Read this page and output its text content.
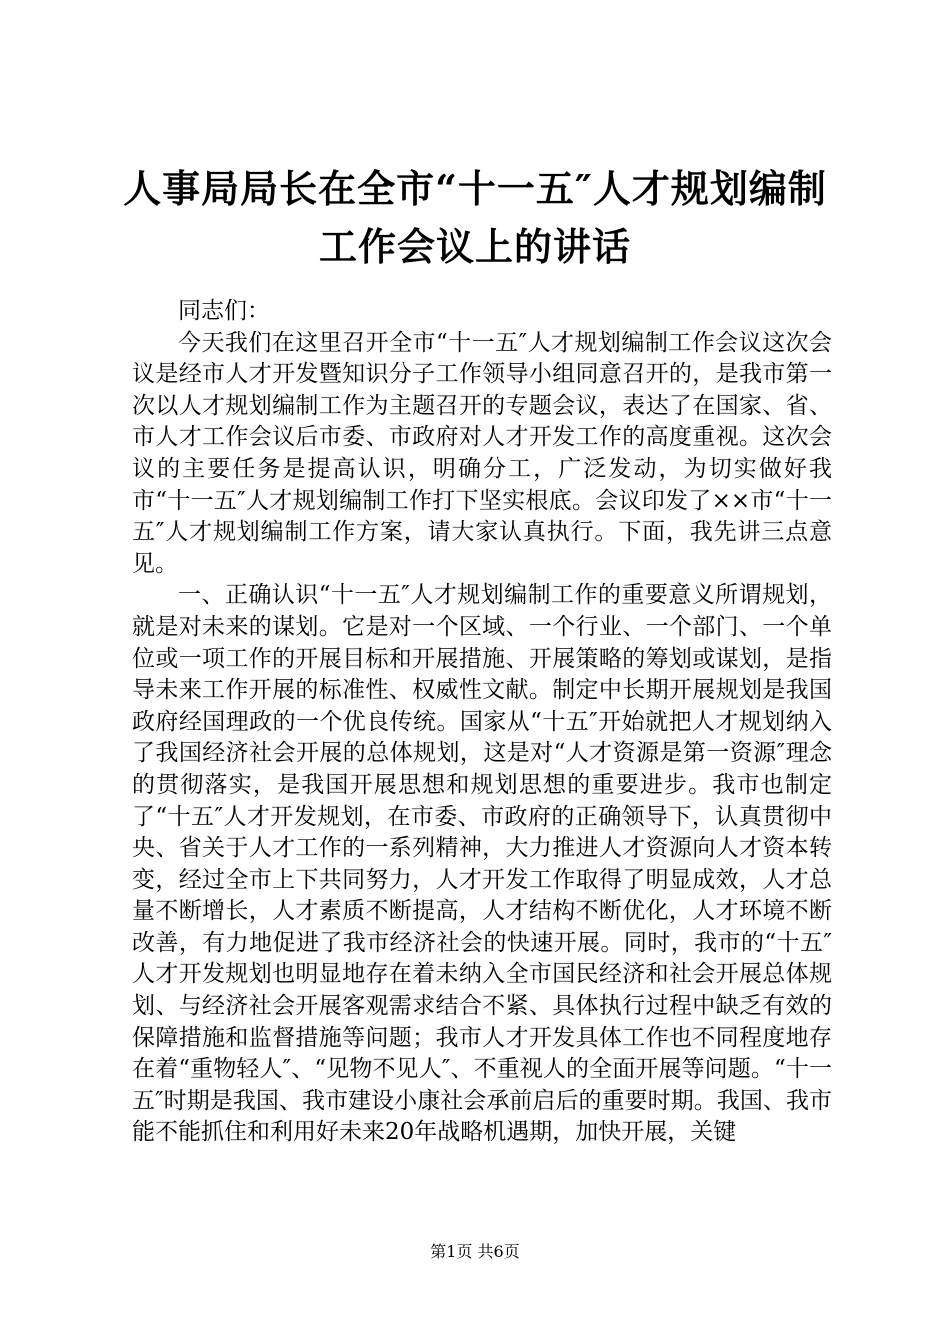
人事局局长在全市“十一五″人才规划编制工作会议上的讲话

同志们：

今天我们在这里召开全市“十一五″人才规划编制工作会议这次会议是经市人才开发暨知识分子工作领导小组同意召开的，是我市第一次以人才规划编制工作为主题召开的专题会议，表达了在国家、省、市人才工作会议后市委、市政府对人才开发工作的高度重视。这次会议的主要任务是提高认识，明确分工，广泛发动，为切实做好我市“十一五″人才规划编制工作打下坚实根底。会议印发了××市“十一五″人才规划编制工作方案，请大家认真执行。下面，我先讲三点意见。

一、正确认识“十一五″人才规划编制工作的重要意义所谓规划，就是对未来的谋划。它是对一个区域、一个行业、一个部门、一个单位或一项工作的开展目标和开展措施、开展策略的筹划或谋划，是指导未来工作开展的标准性、权威性文献。制定中长期开展规划是我国政府经国理政的一个优良传统。国家从“十五″开始就把人才规划纳入了我国经济社会开展的总体规划，这是对“人才资源是第一资源″理念的贯彻落实，是我国开展思想和规划思想的重要进步。我市也制定了“十五″人才开发规划，在市委、市政府的正确领导下，认真贯彻中央、省关于人才工作的一系列精神，大力推进人才资源向人才资本转变，经过全市上下共同努力，人才开发工作取得了明显成效，人才总量不断增长，人才素质不断提高，人才结构不断优化，人才环境不断改善，有力地促进了我市经济社会的快速开展。同时，我市的“十五″人才开发规划也明显地存在着未纳入全市国民经济和社会开展总体规划、与经济社会开展客观需求结合不紧、具体执行过程中缺乏有效的保障措施和监督措施等问题；我市人才开发具体工作也不同程度地存在着“重物轻人″、“见物不见人″、不重视人的全面开展等问题。“十一五″时期是我国、我市建设小康社会承前启后的重要时期。我国、我市能不能抓住和利用好未来20年战略机遇期，加快开展，关键

第1页 共6页
